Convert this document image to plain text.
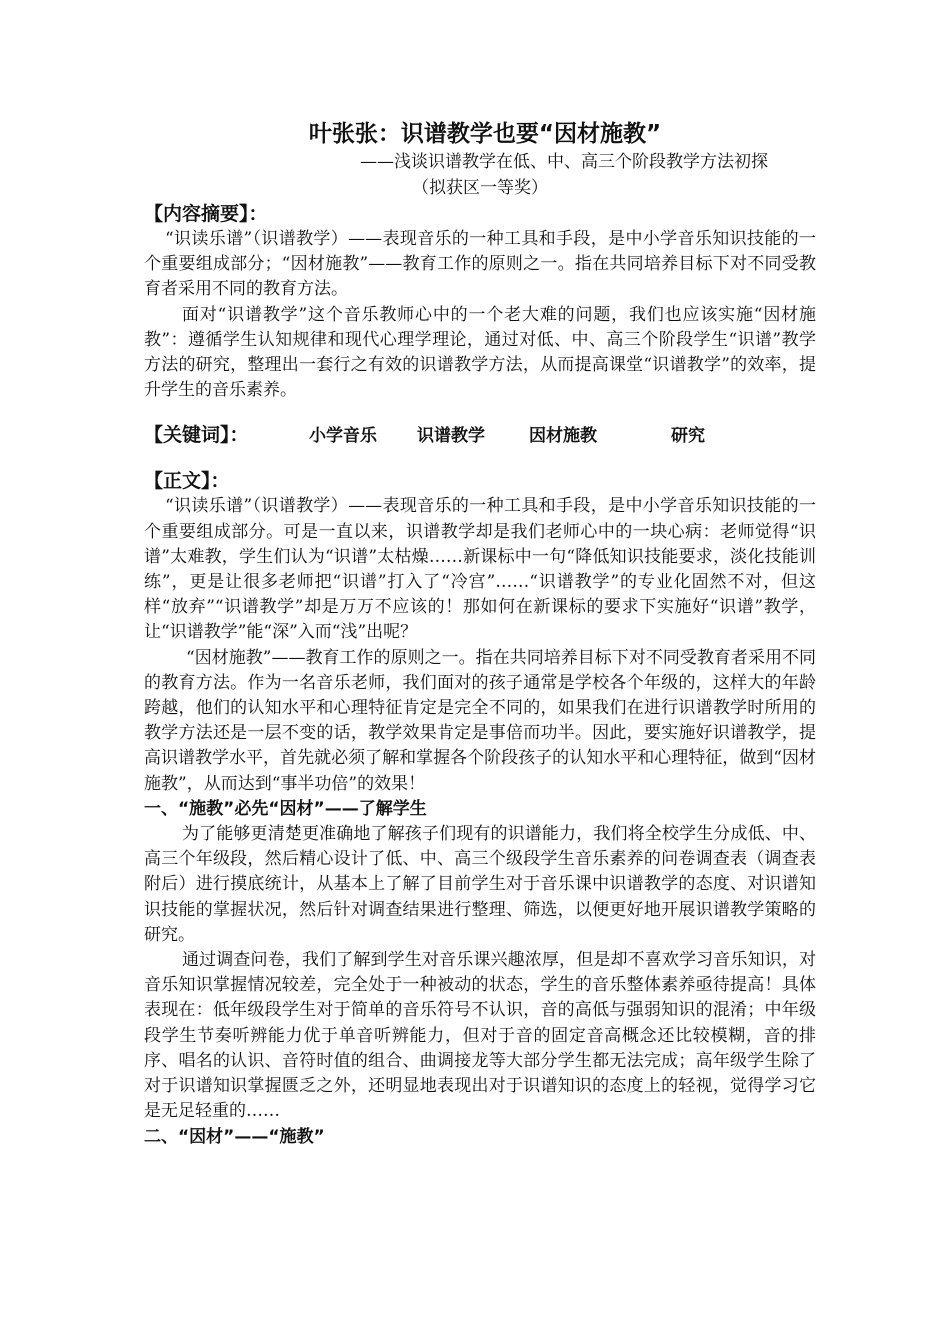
叶张张：识谱教学也要“因材施教”

——浅谈识谱教学在低、中、高三个阶段教学方法初探

（拟获区一等奖）

【内容摘要】：

“识读乐谱”（识谱教学）——表现音乐的一种工具和手段，是中小学音乐知识技能的一个重要组成部分；“因材施教”——教育工作的原则之一。指在共同培养目标下对不同受教育者采用不同的教育方法。

面对“识谱教学”这个音乐教师心中的一个老大难的问题，我们也应该实施“因材施教”：遵循学生认知规律和现代心理学理论，通过对低、中、高三个阶段学生“识谱”教学方法的研究，整理出一套行之有效的识谱教学方法，从而提高课堂“识谱教学”的效率，提升学生的音乐素养。

【关键词】：	小学音乐	识谱教学	因材施教	研究

【正文】：

“识读乐谱”（识谱教学）——表现音乐的一种工具和手段，是中小学音乐知识技能的一个重要组成部分。可是一直以来，识谱教学却是我们老师心中的一块心病：老师觉得“识谱”太难教，学生们认为“识谱”太枯燥……新课标中一句“降低知识技能要求，淡化技能训练”，更是让很多老师把“识谱”打入了“冷宫”……“识谱教学”的专业化固然不对，但这样“放弃”“识谱教学”却是万万不应该的！那如何在新课标的要求下实施好“识谱”教学，让“识谱教学”能“深”入而“浅”出呢？

“因材施教”——教育工作的原则之一。指在共同培养目标下对不同受教育者采用不同的教育方法。作为一名音乐老师，我们面对的孩子通常是学校各个年级的，这样大的年龄跨越，他们的认知水平和心理特征肯定是完全不同的，如果我们在进行识谱教学时所用的教学方法还是一层不变的话，教学效果肯定是事倍而功半。因此，要实施好识谱教学，提高识谱教学水平，首先就必须了解和掌握各个阶段孩子的认知水平和心理特征，做到“因材施教”，从而达到“事半功倍”的效果！

一、“施教”必先“因材”——了解学生

为了能够更清楚更准确地了解孩子们现有的识谱能力，我们将全校学生分成低、中、高三个年级段，然后精心设计了低、中、高三个级段学生音乐素养的问卷调查表（调查表附后）进行摸底统计，从基本上了解了目前学生对于音乐课中识谱教学的态度、对识谱知识技能的掌握状况，然后针对调查结果进行整理、筛选，以便更好地开展识谱教学策略的研究。

通过调查问卷，我们了解到学生对音乐课兴趣浓厚，但是却不喜欢学习音乐知识，对音乐知识掌握情况较差，完全处于一种被动的状态，学生的音乐整体素养亟待提高！具体表现在：低年级段学生对于简单的音乐符号不认识，音的高低与强弱知识的混淆；中年级段学生节奏听辨能力优于单音听辨能力，但对于音的固定音高概念还比较模糊，音的排序、唱名的认识、音符时值的组合、曲调接龙等大部分学生都无法完成；高年级学生除了对于识谱知识掌握匮乏之外，还明显地表现出对于识谱知识的态度上的轻视，觉得学习它是无足轻重的……

二、“因材”——“施教”
